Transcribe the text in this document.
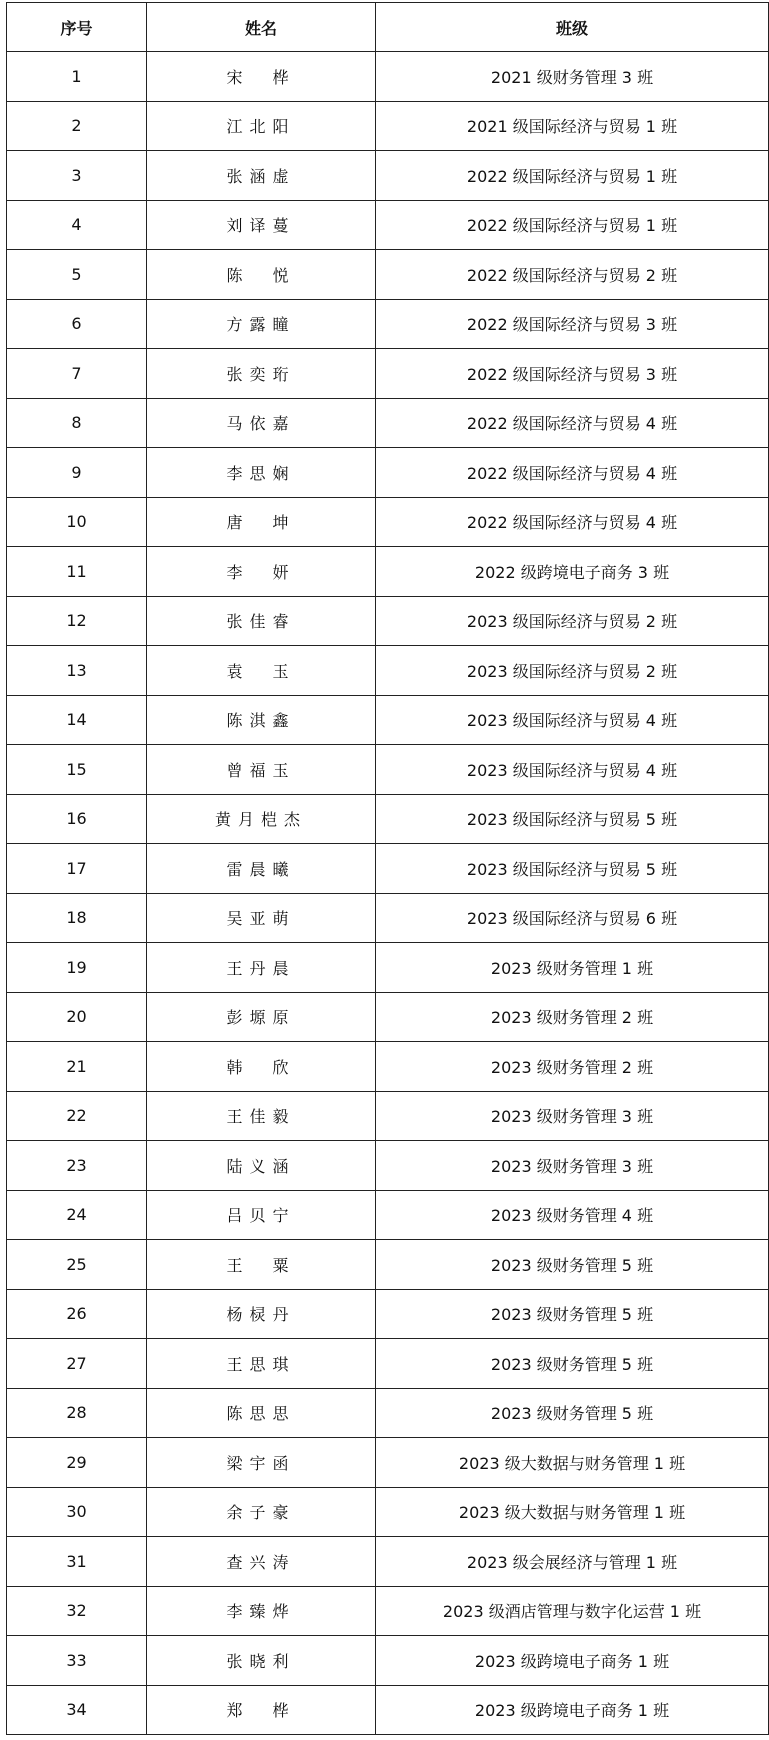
序号	姓名	班级
1	宋　桦	2021 级财务管理 3 班
2	江北阳	2021 级国际经济与贸易 1 班
3	张涵虚	2022 级国际经济与贸易 1 班
4	刘译蔓	2022 级国际经济与贸易 1 班
5	陈　悦	2022 级国际经济与贸易 2 班
6	方露瞳	2022 级国际经济与贸易 3 班
7	张奕珩	2022 级国际经济与贸易 3 班
8	马依嘉	2022 级国际经济与贸易 4 班
9	李思娴	2022 级国际经济与贸易 4 班
10	唐　坤	2022 级国际经济与贸易 4 班
11	李　妍	2022 级跨境电子商务 3 班
12	张佳睿	2023 级国际经济与贸易 2 班
13	袁　玉	2023 级国际经济与贸易 2 班
14	陈淇鑫	2023 级国际经济与贸易 4 班
15	曾福玉	2023 级国际经济与贸易 4 班
16	黄月桤杰	2023 级国际经济与贸易 5 班
17	雷晨曦	2023 级国际经济与贸易 5 班
18	吴亚萌	2023 级国际经济与贸易 6 班
19	王丹晨	2023 级财务管理 1 班
20	彭塬原	2023 级财务管理 2 班
21	韩　欣	2023 级财务管理 2 班
22	王佳毅	2023 级财务管理 3 班
23	陆义涵	2023 级财务管理 3 班
24	吕贝宁	2023 级财务管理 4 班
25	王　粟	2023 级财务管理 5 班
26	杨棂丹	2023 级财务管理 5 班
27	王思琪	2023 级财务管理 5 班
28	陈思思	2023 级财务管理 5 班
29	梁宇函	2023 级大数据与财务管理 1 班
30	余子豪	2023 级大数据与财务管理 1 班
31	查兴涛	2023 级会展经济与管理 1 班
32	李臻烨	2023 级酒店管理与数字化运营 1 班
33	张晓利	2023 级跨境电子商务 1 班
34	郑　桦	2023 级跨境电子商务 1 班
